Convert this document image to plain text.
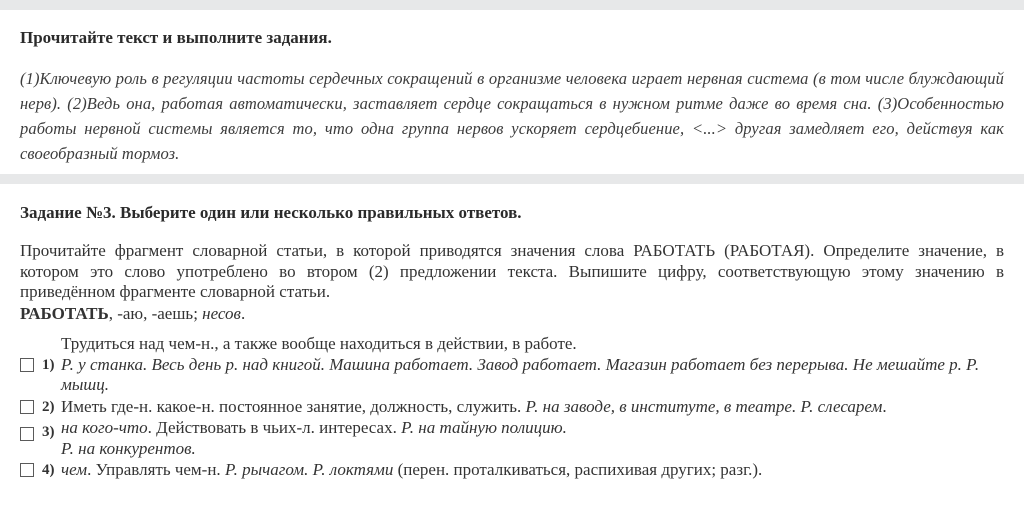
Прочитайте текст и выполните задания.

(1)Ключевую роль в регуляции частоты сердечных сокращений в организме человека играет нервная система (в том числе блуждающий нерв). (2)Ведь она, работая автоматически, заставляет сердце сокращаться в нужном ритме даже во время сна. (3)Особенностью работы нервной системы является то, что одна группа нервов ускоряет сердцебиение, <...> другая замедляет его, действуя как своеобразный тормоз.

Задание №3. Выберите один или несколько правильных ответов.

Прочитайте фрагмент словарной статьи, в которой приводятся значения слова РАБОТАТЬ (РАБОТАЯ). Определите значение, в котором это слово употреблено во втором (2) предложении текста. Выпишите цифру, соответствующую этому значению в приведённом фрагменте словарной статьи.
РАБОТАТЬ, -аю, -аешь; несов.
Трудиться над чем-н., а также вообще находиться в действии, в работе.
1) Р. у станка. Весь день р. над книгой. Машина работает. Завод работает. Магазин работает без перерыва. Не мешайте р. Р. мышц.
2) Иметь где-н. какое-н. постоянное занятие, должность, служить. Р. на заводе, в институте, в театре. Р. слесарем.
3) на кого-что. Действовать в чьих-л. интересах. Р. на тайную полицию.
Р. на конкурентов.
4) чем. Управлять чем-н. Р. рычагом. Р. локтями (перен. проталкиваться, распихивая других; разг.).
